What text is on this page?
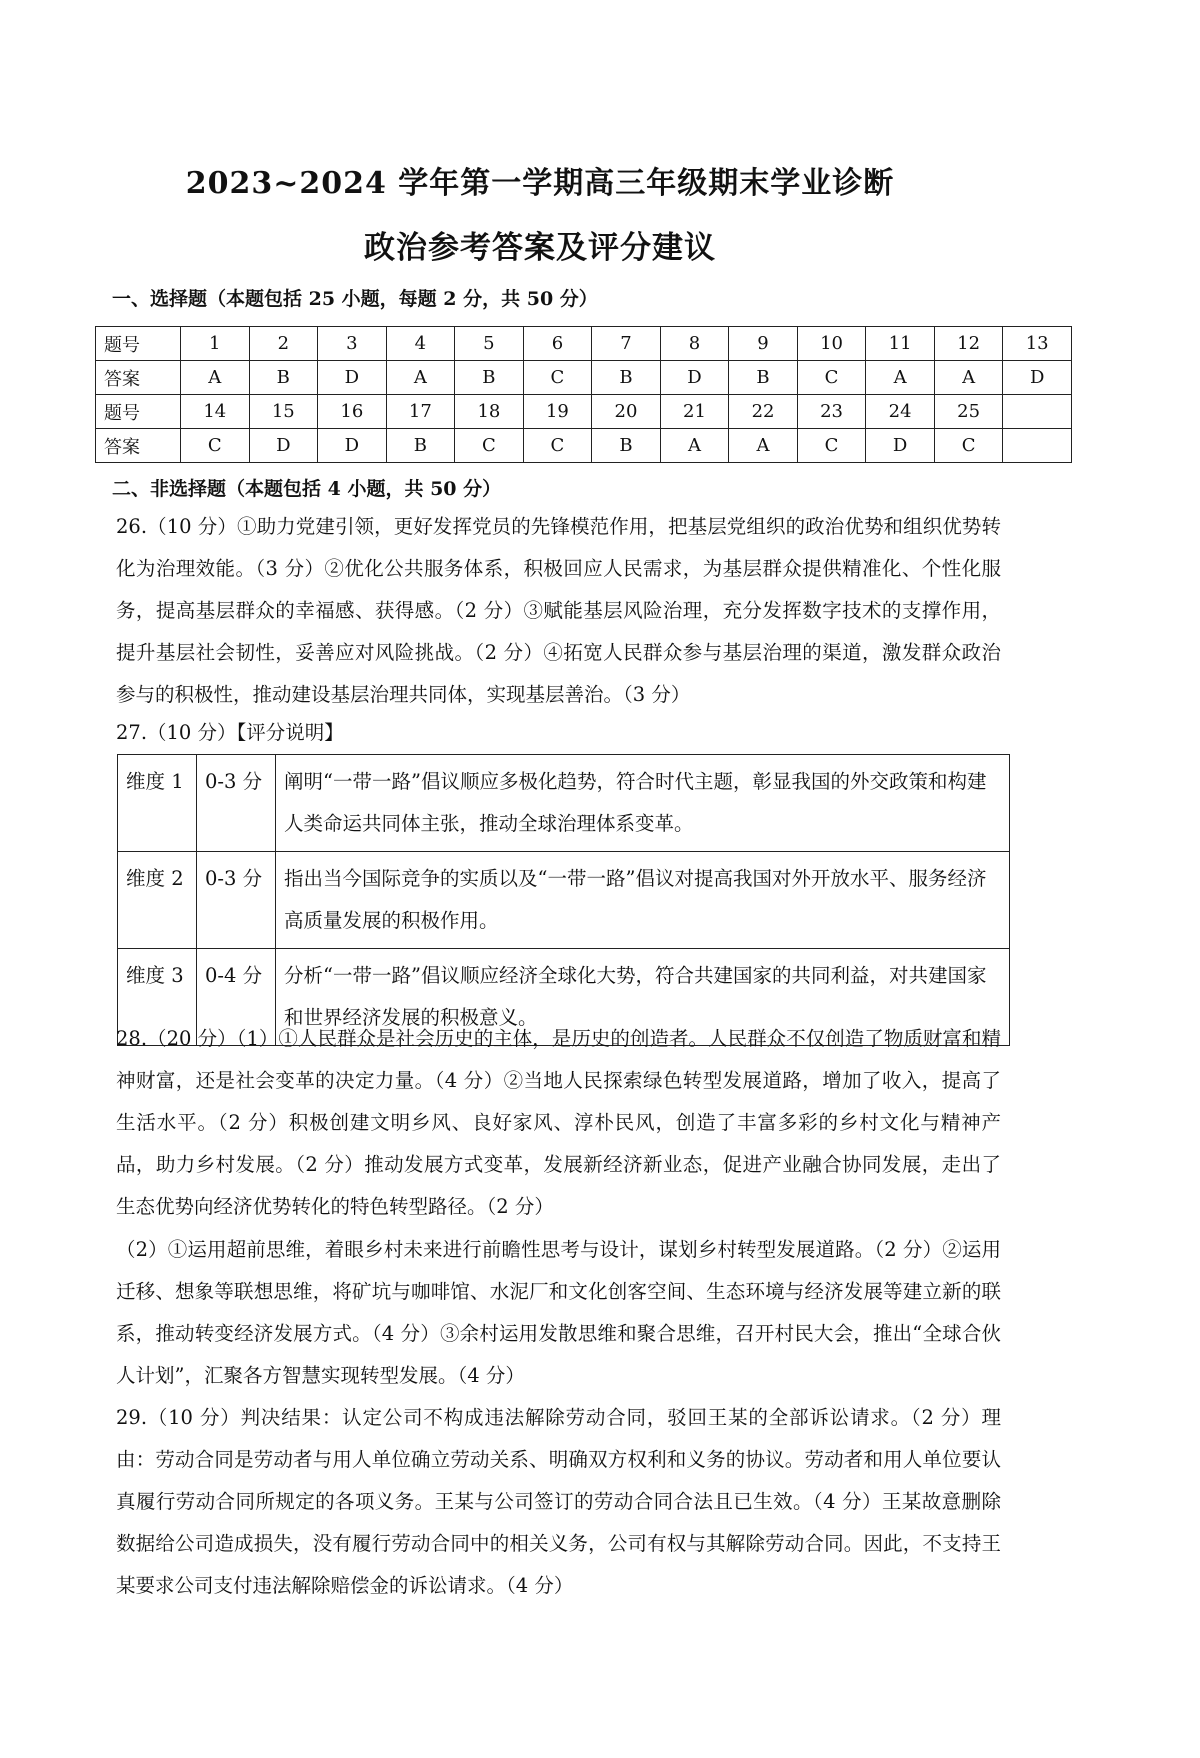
2023~2024 学年第一学期高三年级期末学业诊断
政治参考答案及评分建议
一、选择题（本题包括 25 小题，每题 2 分，共 50 分）
题号	1	2	3	4	5	6	7	8	9	10	11	12	13
答案	A	B	D	A	B	C	B	D	B	C	A	A	D
题号	14	15	16	17	18	19	20	21	22	23	24	25	
答案	C	D	D	B	C	C	B	A	A	C	D	C	
二、非选择题（本题包括 4 小题，共 50 分）
26.（10 分）①助力党建引领，更好发挥党员的先锋模范作用，把基层党组织的政治优势和组织优势转化为治理效能。（3 分）②优化公共服务体系，积极回应人民需求，为基层群众提供精准化、个性化服务，提高基层群众的幸福感、获得感。（2 分）③赋能基层风险治理，充分发挥数字技术的支撑作用，提升基层社会韧性，妥善应对风险挑战。（2 分）④拓宽人民群众参与基层治理的渠道，激发群众政治参与的积极性，推动建设基层治理共同体，实现基层善治。（3 分）
27.（10 分）【评分说明】
维度 1	0-3 分	阐明“一带一路”倡议顺应多极化趋势，符合时代主题，彰显我国的外交政策和构建人类命运共同体主张，推动全球治理体系变革。
维度 2	0-3 分	指出当今国际竞争的实质以及“一带一路”倡议对提高我国对外开放水平、服务经济高质量发展的积极作用。
维度 3	0-4 分	分析“一带一路”倡议顺应经济全球化大势，符合共建国家的共同利益，对共建国家和世界经济发展的积极意义。
28.（20 分）（1）①人民群众是社会历史的主体，是历史的创造者。人民群众不仅创造了物质财富和精神财富，还是社会变革的决定力量。（4 分）②当地人民探索绿色转型发展道路，增加了收入，提高了生活水平。（2 分）积极创建文明乡风、良好家风、淳朴民风，创造了丰富多彩的乡村文化与精神产品，助力乡村发展。（2 分）推动发展方式变革，发展新经济新业态，促进产业融合协同发展，走出了生态优势向经济优势转化的特色转型路径。（2 分）
（2）①运用超前思维，着眼乡村未来进行前瞻性思考与设计，谋划乡村转型发展道路。（2 分）②运用迁移、想象等联想思维，将矿坑与咖啡馆、水泥厂和文化创客空间、生态环境与经济发展等建立新的联系，推动转变经济发展方式。（4 分）③余村运用发散思维和聚合思维，召开村民大会，推出“全球合伙人计划”，汇聚各方智慧实现转型发展。（4 分）
29.（10 分）判决结果：认定公司不构成违法解除劳动合同，驳回王某的全部诉讼请求。（2 分）理由：劳动合同是劳动者与用人单位确立劳动关系、明确双方权利和义务的协议。劳动者和用人单位要认真履行劳动合同所规定的各项义务。王某与公司签订的劳动合同合法且已生效。（4 分）王某故意删除数据给公司造成损失，没有履行劳动合同中的相关义务，公司有权与其解除劳动合同。因此，不支持王某要求公司支付违法解除赔偿金的诉讼请求。（4 分）
